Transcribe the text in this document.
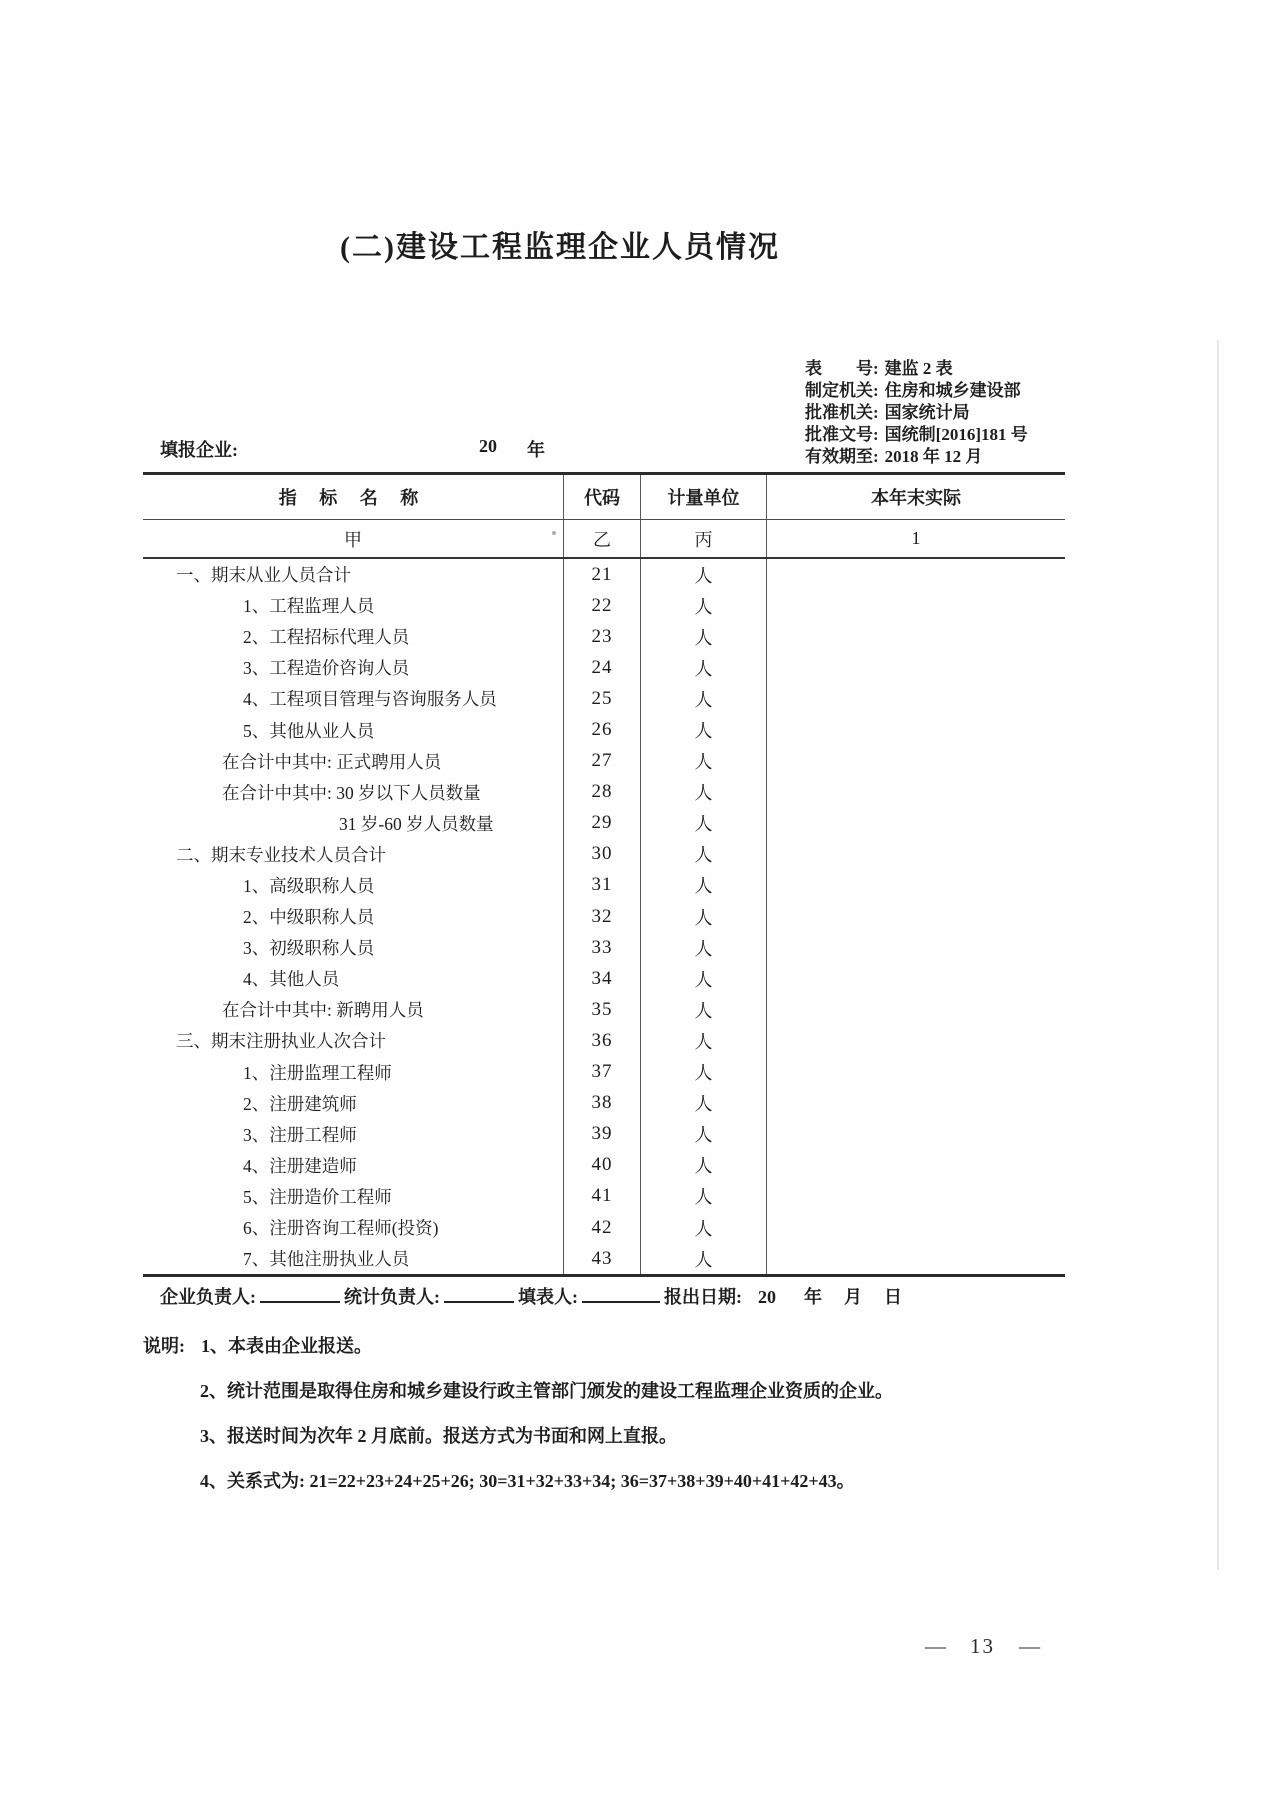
(二)建设工程监理企业人员情况
表　　号: 建监 2 表
制定机关: 住房和城乡建设部
批准机关: 国家统计局
批准文号: 国统制[2016]181 号
有效期至: 2018 年 12 月
填报企业:	20 年
指 标 名 称	代码	计量单位	本年末实际
甲	乙	丙	1
一、期末从业人员合计	21	人
1、工程监理人员	22	人
2、工程招标代理人员	23	人
3、工程造价咨询人员	24	人
4、工程项目管理与咨询服务人员	25	人
5、其他从业人员	26	人
在合计中其中: 正式聘用人员	27	人
在合计中其中: 30 岁以下人员数量	28	人
31 岁-60 岁人员数量	29	人
二、期末专业技术人员合计	30	人
1、高级职称人员	31	人
2、中级职称人员	32	人
3、初级职称人员	33	人
4、其他人员	34	人
在合计中其中: 新聘用人员	35	人
三、期末注册执业人次合计	36	人
1、注册监理工程师	37	人
2、注册建筑师	38	人
3、注册工程师	39	人
4、注册建造师	40	人
5、注册造价工程师	41	人
6、注册咨询工程师(投资)	42	人
7、其他注册执业人员	43	人
企业负责人:	统计负责人:	填表人:	报出日期: 20 年 月 日
说明: 1、本表由企业报送。
2、统计范围是取得住房和城乡建设行政主管部门颁发的建设工程监理企业资质的企业。
3、报送时间为次年 2 月底前。报送方式为书面和网上直报。
4、关系式为: 21=22+23+24+25+26; 30=31+32+33+34; 36=37+38+39+40+41+42+43。
— 13 —
